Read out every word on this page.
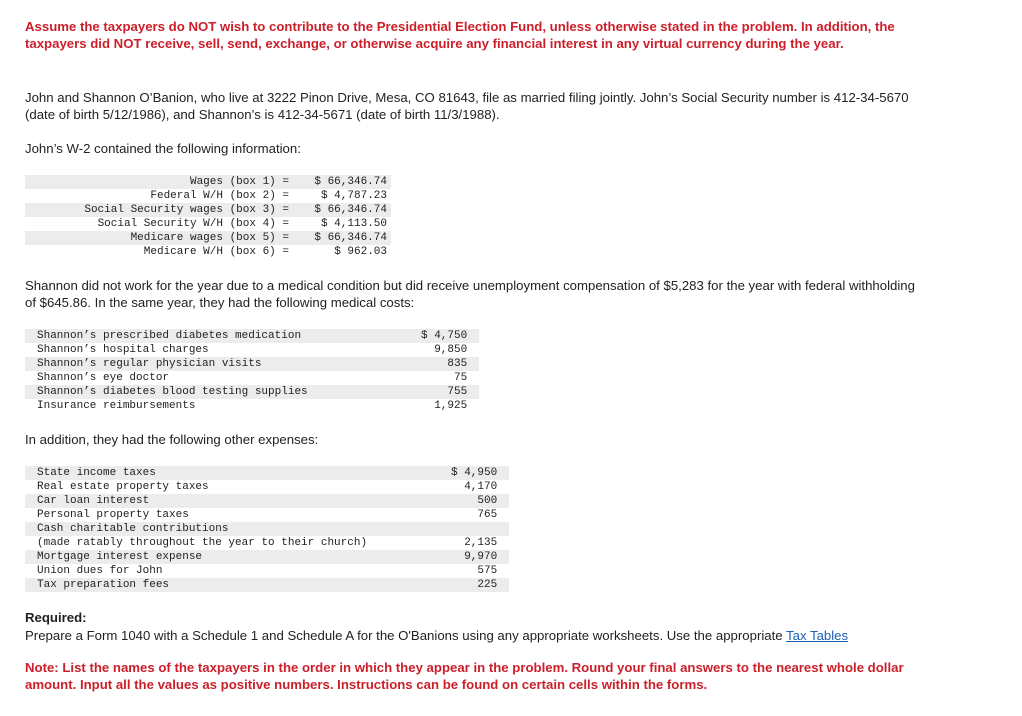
Assume the taxpayers do NOT wish to contribute to the Presidential Election Fund, unless otherwise stated in the problem. In addition, the taxpayers did NOT receive, sell, send, exchange, or otherwise acquire any financial interest in any virtual currency during the year.

John and Shannon O’Banion, who live at 3222 Pinon Drive, Mesa, CO 81643, file as married filing jointly. John’s Social Security number is 412-34-5670 (date of birth 5/12/1986), and Shannon’s is 412-34-5671 (date of birth 11/3/1988).

John’s W-2 contained the following information:

Wages (box 1) =	$ 66,346.74
Federal W/H (box 2) =	$ 4,787.23
Social Security wages (box 3) =	$ 66,346.74
Social Security W/H (box 4) =	$ 4,113.50
Medicare wages (box 5) =	$ 66,346.74
Medicare W/H (box 6) =	$ 962.03

Shannon did not work for the year due to a medical condition but did receive unemployment compensation of $5,283 for the year with federal withholding of $645.86. In the same year, they had the following medical costs:

Shannon’s prescribed diabetes medication	$ 4,750
Shannon’s hospital charges	9,850
Shannon’s regular physician visits	835
Shannon’s eye doctor	75
Shannon’s diabetes blood testing supplies	755
Insurance reimbursements	1,925

In addition, they had the following other expenses:

State income taxes	$ 4,950
Real estate property taxes	4,170
Car loan interest	500
Personal property taxes	765
Cash charitable contributions	
(made ratably throughout the year to their church)	2,135
Mortgage interest expense	9,970
Union dues for John	575
Tax preparation fees	225

Required:

Prepare a Form 1040 with a Schedule 1 and Schedule A for the O'Banions using any appropriate worksheets. Use the appropriate Tax Tables

Note: List the names of the taxpayers in the order in which they appear in the problem. Round your final answers to the nearest whole dollar amount. Input all the values as positive numbers. Instructions can be found on certain cells within the forms.
